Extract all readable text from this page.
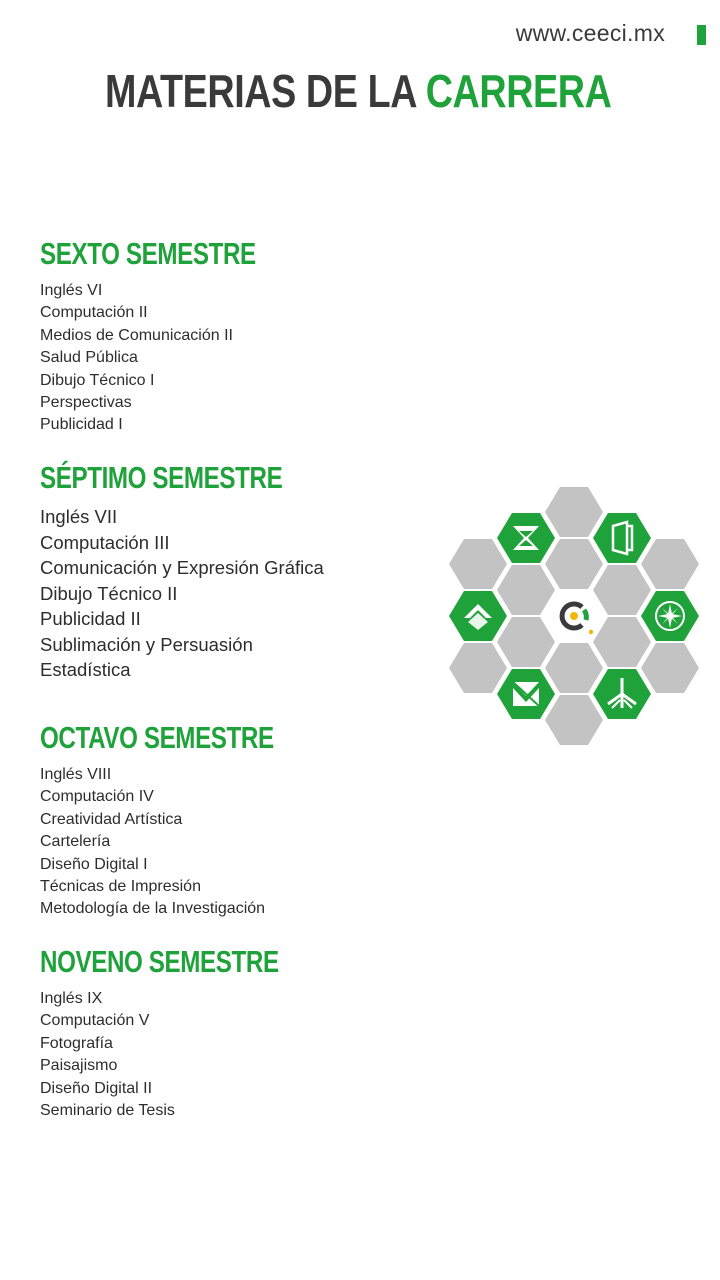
www.ceeci.mx
MATERIAS DE LA CARRERA
SEXTO SEMESTRE
Inglés VI
Computación II
Medios de Comunicación II
Salud Pública
Dibujo Técnico I
Perspectivas
Publicidad I
SÉPTIMO SEMESTRE
Inglés VII
Computación III
Comunicación y Expresión Gráfica
Dibujo Técnico II
Publicidad II
Sublimación y Persuasión
Estadística
OCTAVO SEMESTRE
Inglés VIII
Computación IV
Creatividad Artística
Cartelería
Diseño Digital I
Técnicas de Impresión
Metodología de la Investigación
NOVENO SEMESTRE
Inglés IX
Computación V
Fotografía
Paisajismo
Diseño Digital II
Seminario de Tesis
